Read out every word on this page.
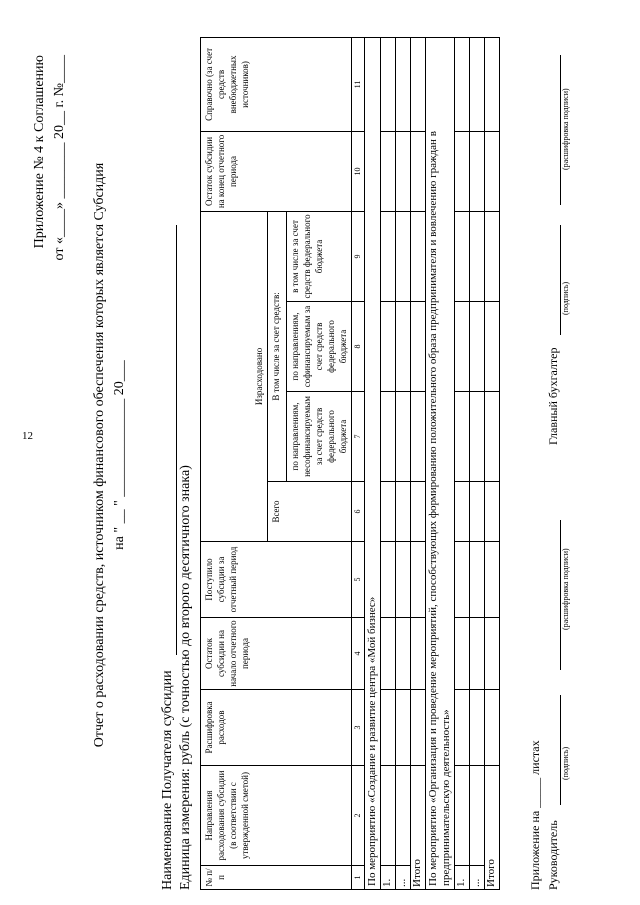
12
Приложение № 4 к Соглашению от «____» ________ 20__ г. №____
Отчет о расходовании средств, источником финансового обеспечения которых является Субсидия на " __ " ______________ 20___
Наименование Получателя субсидии Единица измерения: рубль (с точностью до второго десятичного знака) № п/п	Направления расходования субсидии (в соответствии с утвержденной сметой)	Расшифровка расходов	Остаток субсидии на начало отчетного периода	Поступило субсидии за отчетный период	Израсходовано				Остаток субсидии на конец отчетного периода	Справочно (за счет средств внебюджетных источников)
					Всего	В том числе за счет средств:				
						по направлениям, несофинансируемым за счет средств федерального бюджета	по направлениям, софинансируемым за счет средств федерального бюджета	в том числе за счет средств федерального бюджета		
1	2	3	4	5	6	7	8	9	10	11
По мероприятию «Создание и развитие центра «Мой бизнес»										
1.										
...										
Итого										
По мероприятию «Организация и проведение мероприятий, способствующих формированию положительного образа предпринимателя и вовлечению граждан в предпринимательскую деятельность»										
1.										
...										
Итого											Приложение на _____ листах Руководитель
(подпись)
(расшифровка подписи)
Главный бухгалтер
(подпись)
(расшифровка подписи)
